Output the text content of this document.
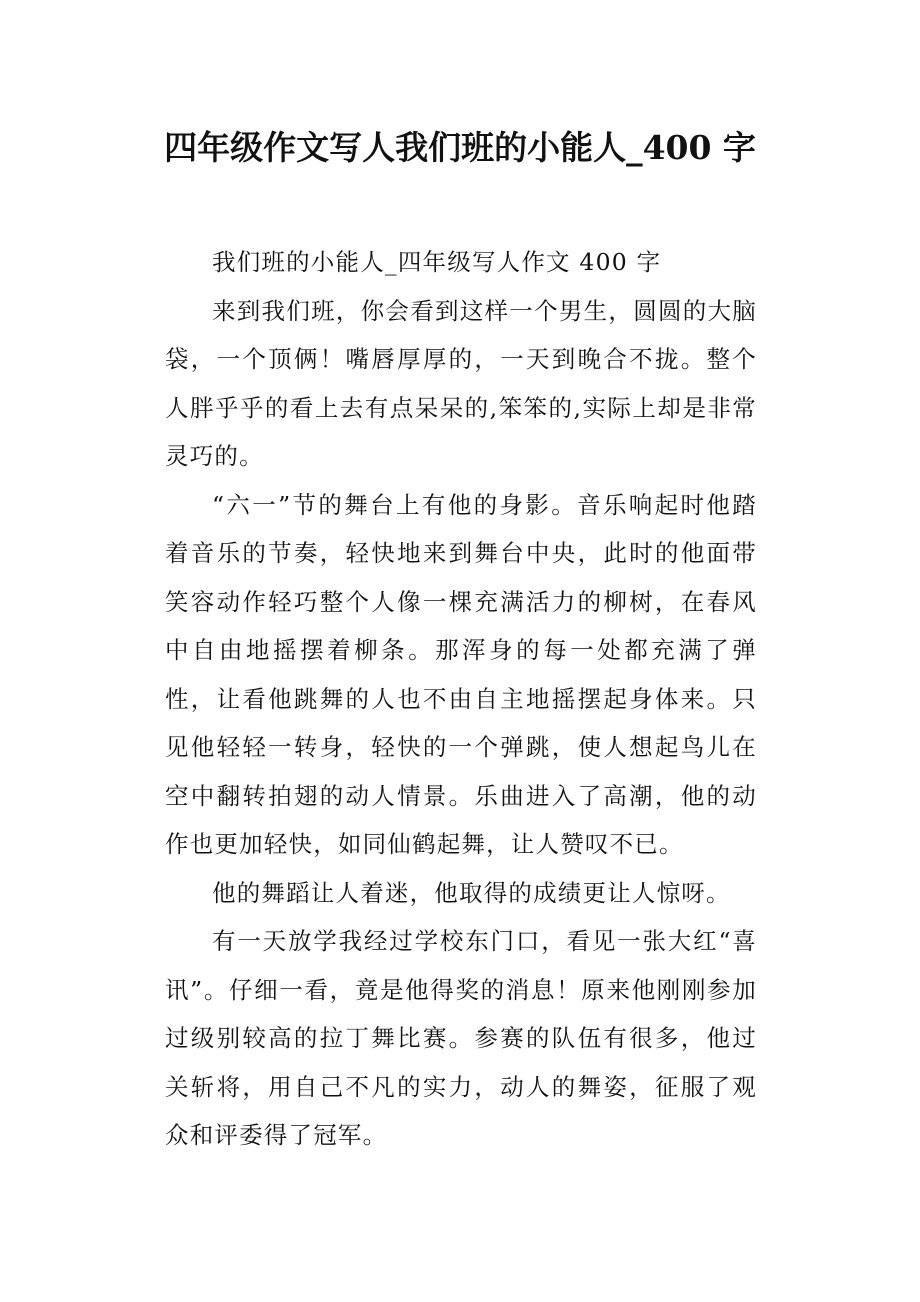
四年级作文写人我们班的小能人_400 字

我们班的小能人_四年级写人作文 400 字

来到我们班，你会看到这样一个男生，圆圆的大脑袋，一个顶俩！嘴唇厚厚的，一天到晚合不拢。整个人胖乎乎的看上去有点呆呆的,笨笨的,实际上却是非常灵巧的。

“六一”节的舞台上有他的身影。音乐响起时他踏着音乐的节奏，轻快地来到舞台中央，此时的他面带笑容动作轻巧整个人像一棵充满活力的柳树，在春风中自由地摇摆着柳条。那浑身的每一处都充满了弹性，让看他跳舞的人也不由自主地摇摆起身体来。只见他轻轻一转身，轻快的一个弹跳，使人想起鸟儿在空中翻转拍翅的动人情景。乐曲进入了高潮，他的动作也更加轻快，如同仙鹤起舞，让人赞叹不已。

他的舞蹈让人着迷，他取得的成绩更让人惊呀。

有一天放学我经过学校东门口，看见一张大红“喜讯”。仔细一看，竟是他得奖的消息！原来他刚刚参加过级别较高的拉丁舞比赛。参赛的队伍有很多，他过关斩将，用自己不凡的实力，动人的舞姿，征服了观众和评委得了冠军。
